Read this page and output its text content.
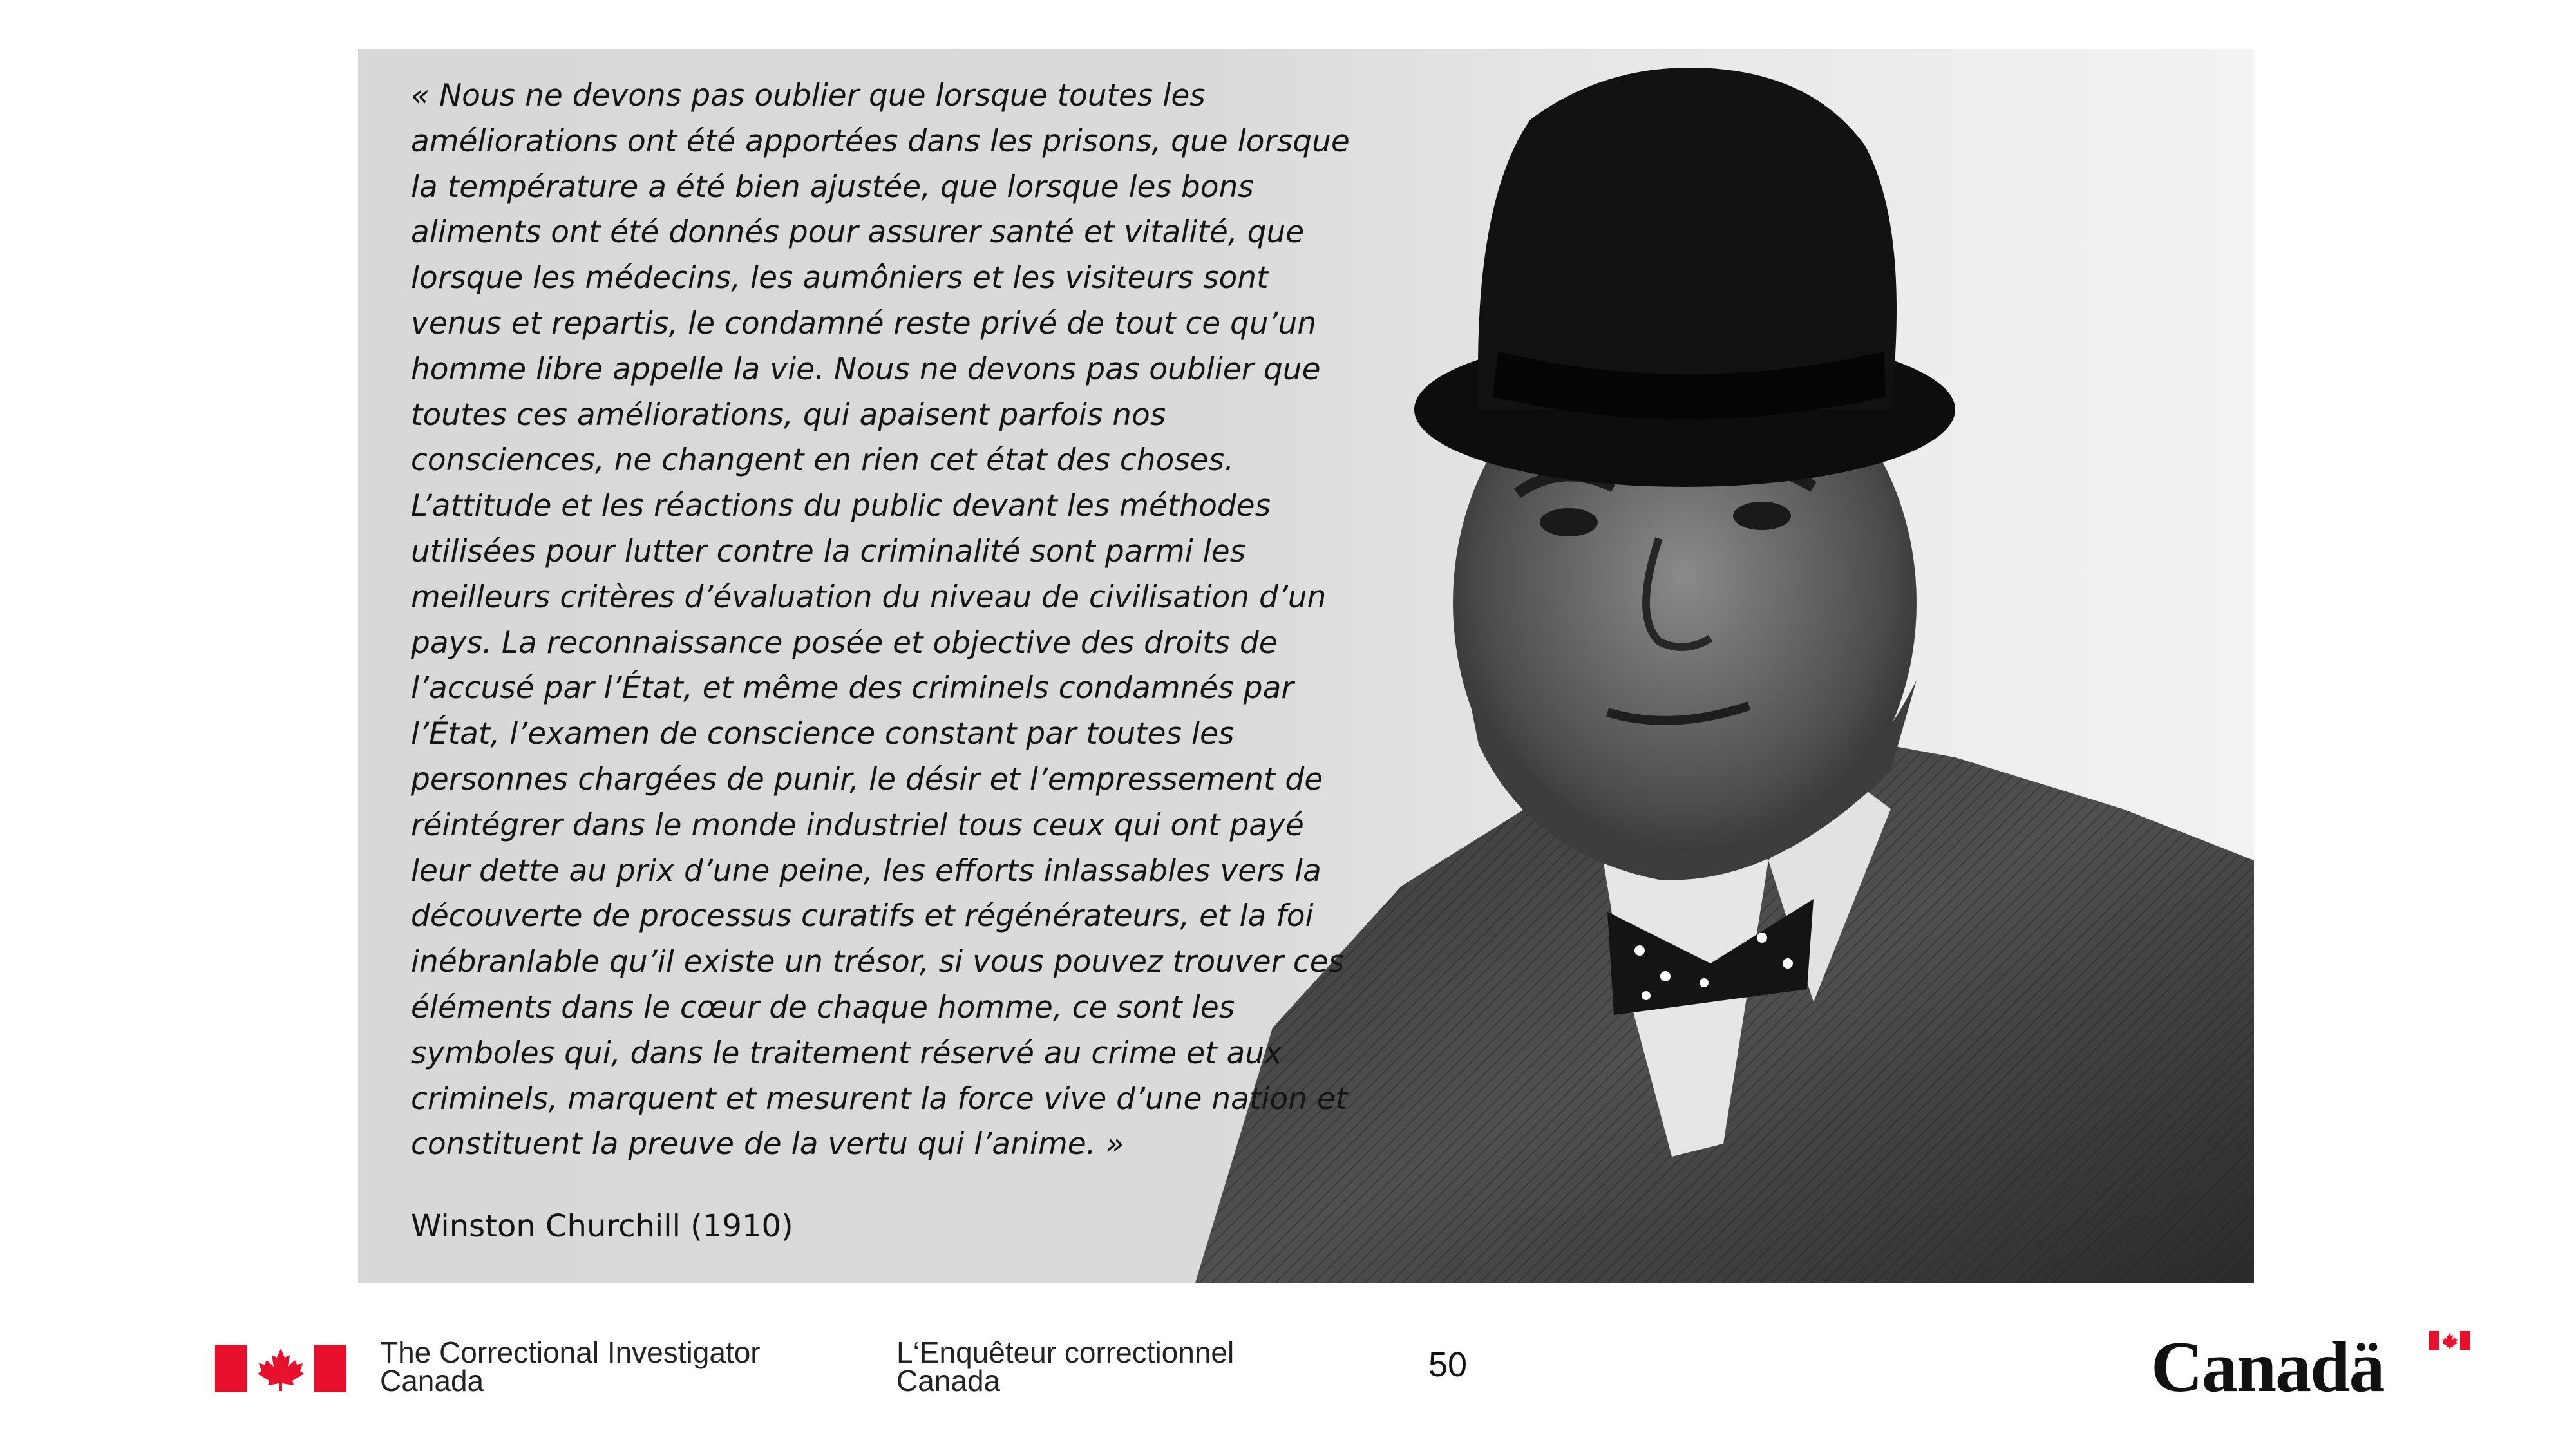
« Nous ne devons pas oublier que lorsque toutes les
améliorations ont été apportées dans les prisons, que lorsque
la température a été bien ajustée, que lorsque les bons
aliments ont été donnés pour assurer santé et vitalité, que
lorsque les médecins, les aumôniers et les visiteurs sont
venus et repartis, le condamné reste privé de tout ce qu’un
homme libre appelle la vie. Nous ne devons pas oublier que
toutes ces améliorations, qui apaisent parfois nos
consciences, ne changent en rien cet état des choses.
L’attitude et les réactions du public devant les méthodes
utilisées pour lutter contre la criminalité sont parmi les
meilleurs critères d’évaluation du niveau de civilisation d’un
pays. La reconnaissance posée et objective des droits de
l’accusé par l’État, et même des criminels condamnés par
l’État, l’examen de conscience constant par toutes les
personnes chargées de punir, le désir et l’empressement de
réintégrer dans le monde industriel tous ceux qui ont payé
leur dette au prix d’une peine, les efforts inlassables vers la
découverte de processus curatifs et régénérateurs, et la foi
inébranlable qu’il existe un trésor, si vous pouvez trouver ces
éléments dans le cœur de chaque homme, ce sont les
symboles qui, dans le traitement réservé au crime et aux
criminels, marquent et mesurent la force vive d’une nation et
constituent la preuve de la vertu qui l’anime. »

Winston Churchill (1910)

The Correctional Investigator
Canada
L‘Enquêteur correctionnel
Canada	50	Canadä
